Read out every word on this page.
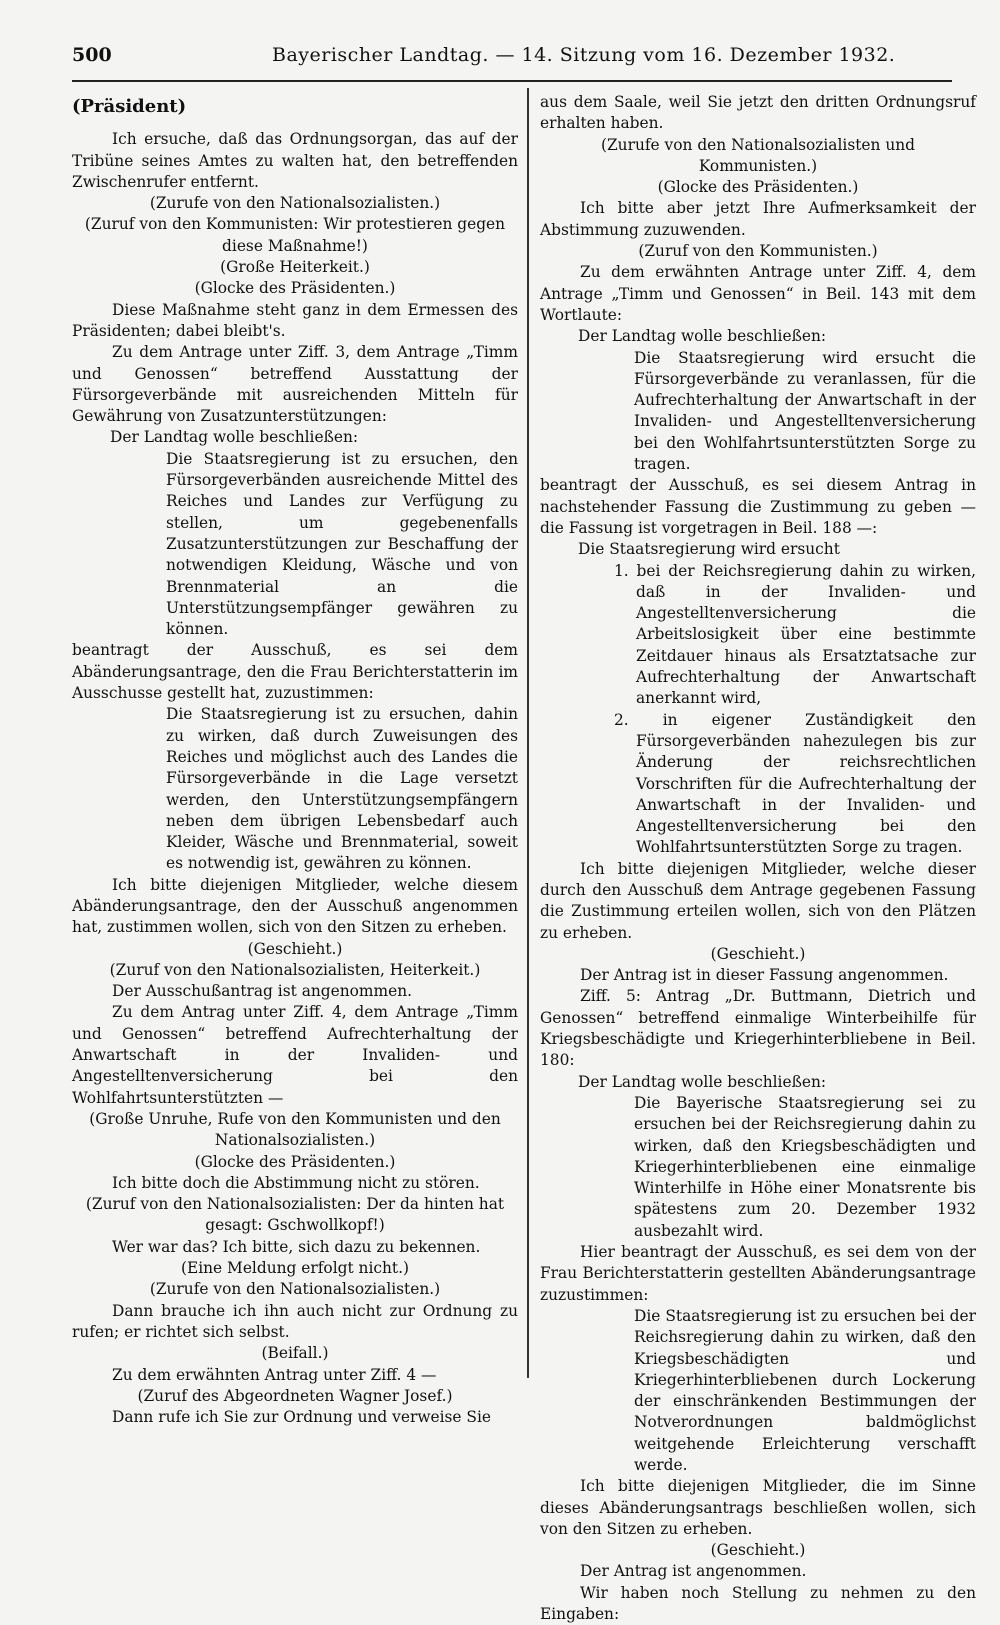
500	Bayerischer Landtag. — 14. Sitzung vom 16. Dezember 1932.

(Präsident)

Ich ersuche, daß das Ordnungsorgan, das auf der Tribüne seines Amtes zu walten hat, den betreffenden Zwischenrufer entfernt.

(Zurufe von den Nationalsozialisten.)

(Zuruf von den Kommunisten: Wir protestieren gegen diese Maßnahme!)

(Große Heiterkeit.)

(Glocke des Präsidenten.)

Diese Maßnahme steht ganz in dem Ermessen des Präsidenten; dabei bleibt's.

Zu dem Antrage unter Ziff. 3, dem Antrage „Timm und Genossen“ betreffend Ausstattung der Fürsorgeverbände mit ausreichenden Mitteln für Gewährung von Zusatzunterstützungen:

Der Landtag wolle beschließen:

Die Staatsregierung ist zu ersuchen, den Fürsorgeverbänden ausreichende Mittel des Reiches und Landes zur Verfügung zu stellen, um gegebenenfalls Zusatzunterstützungen zur Beschaffung der notwendigen Kleidung, Wäsche und von Brennmaterial an die Unterstützungsempfänger gewähren zu können.

beantragt der Ausschuß, es sei dem Abänderungsantrage, den die Frau Berichterstatterin im Ausschusse gestellt hat, zuzustimmen:

Die Staatsregierung ist zu ersuchen, dahin zu wirken, daß durch Zuweisungen des Reiches und möglichst auch des Landes die Fürsorgeverbände in die Lage versetzt werden, den Unterstützungsempfängern neben dem übrigen Lebensbedarf auch Kleider, Wäsche und Brennmaterial, soweit es notwendig ist, gewähren zu können.

Ich bitte diejenigen Mitglieder, welche diesem Abänderungsantrage, den der Ausschuß angenommen hat, zustimmen wollen, sich von den Sitzen zu erheben.

(Geschieht.)

(Zuruf von den Nationalsozialisten, Heiterkeit.)

Der Ausschußantrag ist angenommen.

Zu dem Antrag unter Ziff. 4, dem Antrage „Timm und Genossen“ betreffend Aufrechterhaltung der Anwartschaft in der Invaliden- und Angestelltenversicherung bei den Wohlfahrtsunterstützten —

(Große Unruhe, Rufe von den Kommunisten und den Nationalsozialisten.)

(Glocke des Präsidenten.)

Ich bitte doch die Abstimmung nicht zu stören.

(Zuruf von den Nationalsozialisten: Der da hinten hat gesagt: Gschwollkopf!)

Wer war das? Ich bitte, sich dazu zu bekennen.

(Eine Meldung erfolgt nicht.)

(Zurufe von den Nationalsozialisten.)

Dann brauche ich ihn auch nicht zur Ordnung zu rufen; er richtet sich selbst.

(Beifall.)

Zu dem erwähnten Antrag unter Ziff. 4 —

(Zuruf des Abgeordneten Wagner Josef.)

Dann rufe ich Sie zur Ordnung und verweise Sie

aus dem Saale, weil Sie jetzt den dritten Ordnungsruf erhalten haben.

(Zurufe von den Nationalsozialisten und Kommunisten.)

(Glocke des Präsidenten.)

Ich bitte aber jetzt Ihre Aufmerksamkeit der Abstimmung zuzuwenden.

(Zuruf von den Kommunisten.)

Zu dem erwähnten Antrage unter Ziff. 4, dem Antrage „Timm und Genossen“ in Beil. 143 mit dem Wortlaute:

Der Landtag wolle beschließen:

Die Staatsregierung wird ersucht die Fürsorgeverbände zu veranlassen, für die Aufrechterhaltung der Anwartschaft in der Invaliden- und Angestelltenversicherung bei den Wohlfahrtsunterstützten Sorge zu tragen.

beantragt der Ausschuß, es sei diesem Antrag in nachstehender Fassung die Zustimmung zu geben — die Fassung ist vorgetragen in Beil. 188 —:

Die Staatsregierung wird ersucht

1. bei der Reichsregierung dahin zu wirken, daß in der Invaliden- und Angestelltenversicherung die Arbeitslosigkeit über eine bestimmte Zeitdauer hinaus als Ersatztatsache zur Aufrechterhaltung der Anwartschaft anerkannt wird,

2. in eigener Zuständigkeit den Fürsorgeverbänden nahezulegen bis zur Änderung der reichsrechtlichen Vorschriften für die Aufrechterhaltung der Anwartschaft in der Invaliden- und Angestelltenversicherung bei den Wohlfahrtsunterstützten Sorge zu tragen.

Ich bitte diejenigen Mitglieder, welche dieser durch den Ausschuß dem Antrage gegebenen Fassung die Zustimmung erteilen wollen, sich von den Plätzen zu erheben.

(Geschieht.)

Der Antrag ist in dieser Fassung angenommen.

Ziff. 5: Antrag „Dr. Buttmann, Dietrich und Genossen“ betreffend einmalige Winterbeihilfe für Kriegsbeschädigte und Kriegerhinterbliebene in Beil. 180:

Der Landtag wolle beschließen:

Die Bayerische Staatsregierung sei zu ersuchen bei der Reichsregierung dahin zu wirken, daß den Kriegsbeschädigten und Kriegerhinterbliebenen eine einmalige Winterhilfe in Höhe einer Monatsrente bis spätestens zum 20. Dezember 1932 ausbezahlt wird.

Hier beantragt der Ausschuß, es sei dem von der Frau Berichterstatterin gestellten Abänderungsantrage zuzustimmen:

Die Staatsregierung ist zu ersuchen bei der Reichsregierung dahin zu wirken, daß den Kriegsbeschädigten und Kriegerhinterbliebenen durch Lockerung der einschränkenden Bestimmungen der Notverordnungen baldmöglichst weitgehende Erleichterung verschafft werde.

Ich bitte diejenigen Mitglieder, die im Sinne dieses Abänderungsantrags beschließen wollen, sich von den Sitzen zu erheben.

(Geschieht.)

Der Antrag ist angenommen.

Wir haben noch Stellung zu nehmen zu den Eingaben:
